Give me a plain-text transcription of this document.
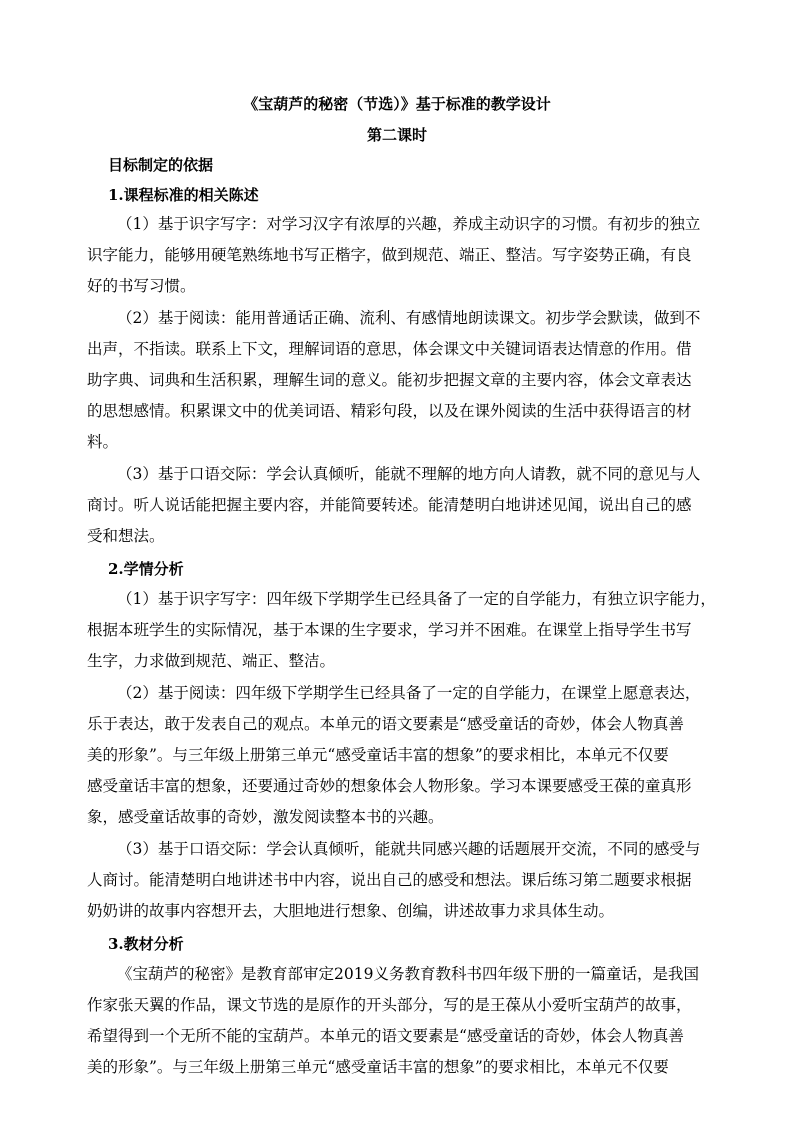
《宝葫芦的秘密（节选）》基于标准的教学设计
第二课时
目标制定的依据
1.课程标准的相关陈述
（1）基于识字写字：对学习汉字有浓厚的兴趣，养成主动识字的习惯。有初步的独立
识字能力，能够用硬笔熟练地书写正楷字，做到规范、端正、整洁。写字姿势正确，有良
好的书写习惯。
（2）基于阅读：能用普通话正确、流利、有感情地朗读课文。初步学会默读，做到不
出声，不指读。联系上下文，理解词语的意思，体会课文中关键词语表达情意的作用。借
助字典、词典和生活积累，理解生词的意义。能初步把握文章的主要内容，体会文章表达
的思想感情。积累课文中的优美词语、精彩句段，以及在课外阅读的生活中获得语言的材
料。
（3）基于口语交际：学会认真倾听，能就不理解的地方向人请教，就不同的意见与人
商讨。听人说话能把握主要内容，并能简要转述。能清楚明白地讲述见闻，说出自己的感
受和想法。
2.学情分析
（1）基于识字写字：四年级下学期学生已经具备了一定的自学能力，有独立识字能力，
根据本班学生的实际情况，基于本课的生字要求，学习并不困难。在课堂上指导学生书写
生字，力求做到规范、端正、整洁。
（2）基于阅读：四年级下学期学生已经具备了一定的自学能力，在课堂上愿意表达，
乐于表达，敢于发表自己的观点。本单元的语文要素是“感受童话的奇妙，体会人物真善
美的形象”。与三年级上册第三单元“感受童话丰富的想象”的要求相比，本单元不仅要
感受童话丰富的想象，还要通过奇妙的想象体会人物形象。学习本课要感受王葆的童真形
象，感受童话故事的奇妙，激发阅读整本书的兴趣。
（3）基于口语交际：学会认真倾听，能就共同感兴趣的话题展开交流，不同的感受与
人商讨。能清楚明白地讲述书中内容，说出自己的感受和想法。课后练习第二题要求根据
奶奶讲的故事内容想开去，大胆地进行想象、创编，讲述故事力求具体生动。
3.教材分析
《宝葫芦的秘密》是教育部审定2019义务教育教科书四年级下册的一篇童话，是我国
作家张天翼的作品，课文节选的是原作的开头部分，写的是王葆从小爱听宝葫芦的故事，
希望得到一个无所不能的宝葫芦。本单元的语文要素是“感受童话的奇妙，体会人物真善
美的形象”。与三年级上册第三单元“感受童话丰富的想象”的要求相比，本单元不仅要
